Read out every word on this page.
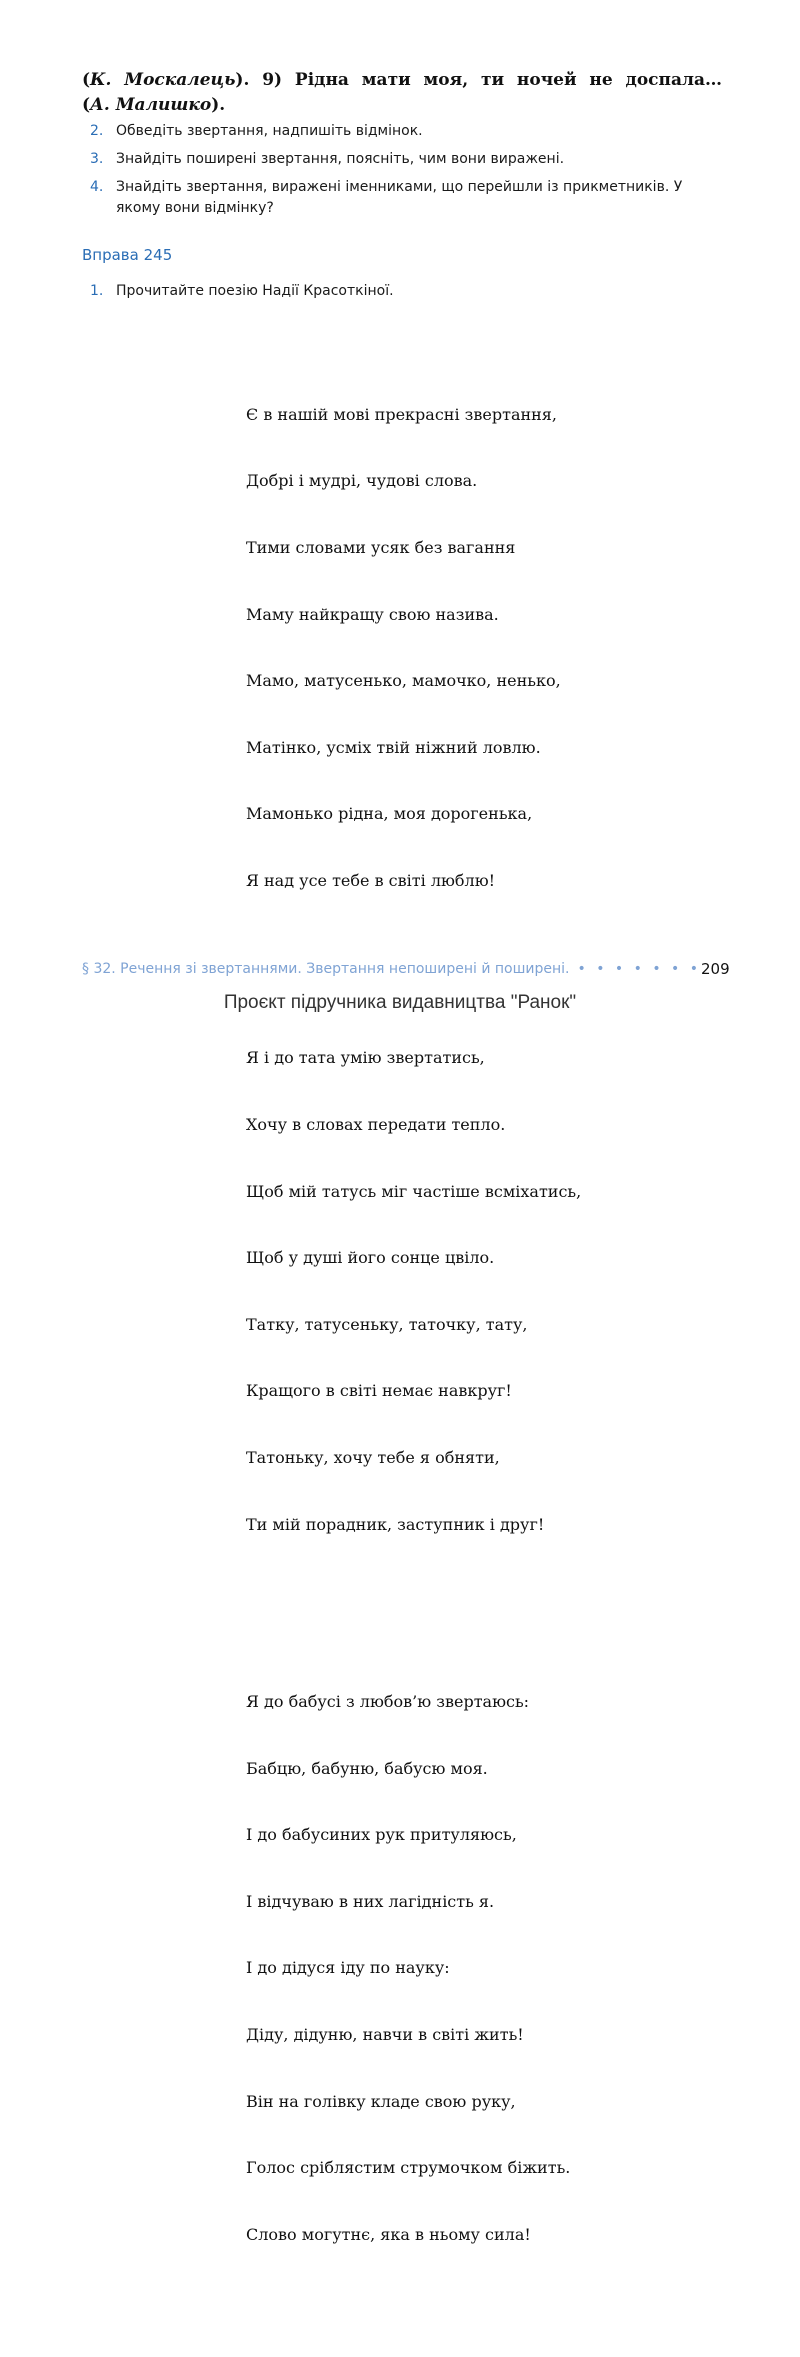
(К. Москалець). 9) Рідна мати моя, ти ночей не доспала…
(А. Малишко).
2. Обведіть звертання, надпишіть відмінок.
3. Знайдіть поширені звертання, поясніть, чим вони виражені.
4. Знайдіть звертання, виражені іменниками, що перейшли із прикметників. У якому вони відмінку?
Вправа 245
1. Прочитайте поезію Надії Красоткіної.

Є в нашій мові прекрасні звертання,

Добрі і мудрі, чудові слова.

Тими словами усяк без вагання

Маму найкращу свою назива.

Мамо, матусенько, мамочко, ненько,

Матінко, усміх твій ніжний ловлю.

Мамонько рідна, моя дорогенька,

Я над усе тебе в світі люблю!

Я і до тата умію звертатись,

Хочу в словах передати тепло.

Щоб мій татусь міг частіше всміхатись,

Щоб у душі його сонце цвіло.

Татку, татусеньку, таточку, тату,

Кращого в світі немає навкруг!

Татоньку, хочу тебе я обняти,

Ти мій порадник, заступник і друг!

Я до бабусі з любов’ю звертаюсь:

Бабцю, бабуню, бабусю моя.

І до бабусиних рук притуляюсь,

І відчуваю в них лагідність я.

І до дідуся іду по науку:

Діду, дідуню, навчи в світі жить!

Він на голівку кладе свою руку,

Голос сріблястим струмочком біжить.

Слово могутнє, яка в ньому сила!

§ 32. Речення зі звертаннями. Звертання непоширені й поширені. • • • • • • • 209
Проєкт підручника видавництва "Ранок"
